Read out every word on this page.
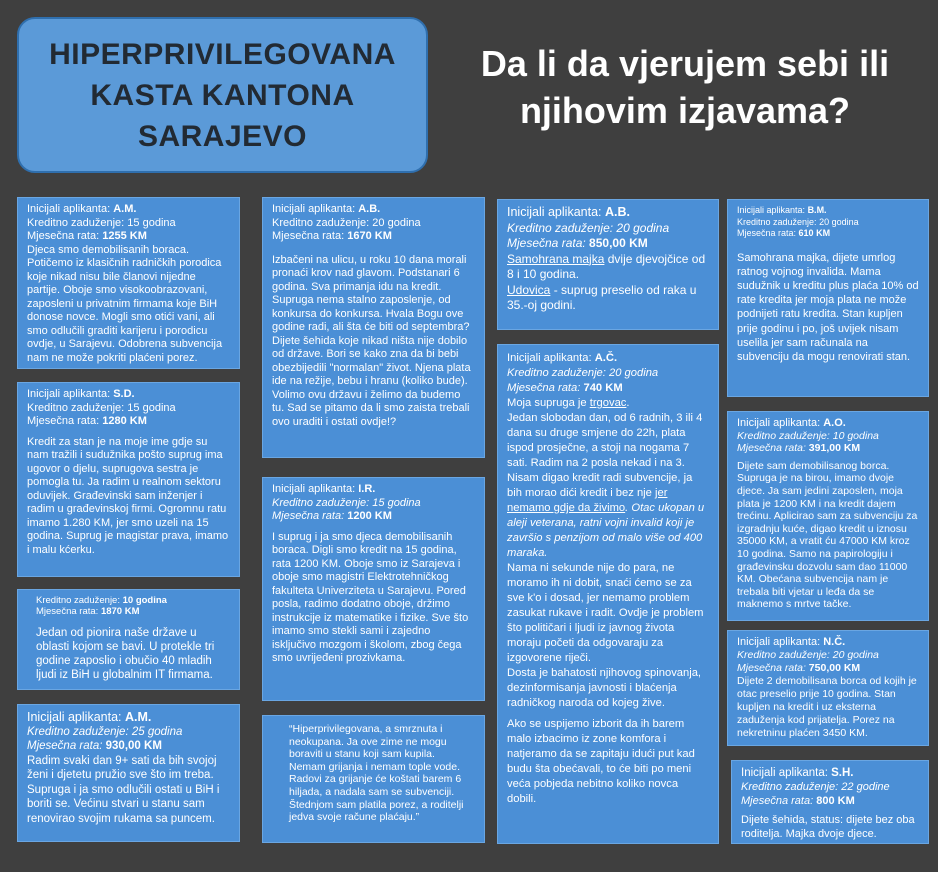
HIPERPRIVILEGOVANA
KASTA KANTONA
SARAJEVO
Da li da vjerujem sebi ili
njihovim izjavama?
Inicijali aplikanta: A.M.
Kreditno zaduženje: 15 godina
Mjesečna rata: 1255 KM
Djeca smo demobilisanih boraca. Potičemo iz klasičnih radničkih porodica koje nikad nisu bile članovi nijedne partije. Oboje smo visokoobrazovani, zaposleni u privatnim firmama koje BiH donose novce. Mogli smo otići vani, ali smo odlučili graditi karijeru i porodicu ovdje, u Sarajevu. Odobrena subvencija nam ne može pokriti plaćeni porez.
Inicijali aplikanta: S.D.
Kreditno zaduženje: 15 godina
Mjesečna rata: 1280 KM
Kredit za stan je na moje ime gdje su nam tražili i sudužnika pošto suprug ima ugovor o djelu, suprugova sestra je pomogla tu. Ja radim u realnom sektoru oduvijek. Građevinski sam inženjer i radim u građevinskoj firmi. Ogromnu ratu imamo 1.280 KM, jer smo uzeli na 15 godina. Suprug je magistar prava, imamo i malu kćerku.
Kreditno zaduženje: 10 godina
Mjesečna rata: 1870 KM
Jedan od pionira naše države u oblasti kojom se bavi. U protekle tri godine zaposlio i obučio 40 mladih ljudi iz BiH u globalnim IT firmama.
Inicijali aplikanta: A.M.
Kreditno zaduženje: 25 godina
Mjesečna rata: 930,00 KM
Radim svaki dan 9+ sati da bih svojoj ženi i djetetu pružio sve što im treba. Supruga i ja smo odlučili ostati u BiH i boriti se. Većinu stvari u stanu sam renovirao svojim rukama sa puncem.
Inicijali aplikanta: A.B.
Kreditno zaduženje: 20 godina
Mjesečna rata: 1670 KM
Izbačeni na ulicu, u roku 10 dana morali pronaći krov nad glavom. Podstanari 6 godina. Sva primanja idu na kredit. Supruga nema stalno zaposlenje, od konkursa do konkursa. Hvala Bogu ove godine radi, ali šta će biti od septembra? Dijete šehida koje nikad ništa nije dobilo od države. Bori se kako zna da bi bebi obezbijedili "normalan" život. Njena plata ide na režije, bebu i hranu (koliko bude). Volimo ovu državu i želimo da budemo tu. Sad se pitamo da li smo zaista trebali ovo uraditi i ostati ovdje!?
Inicijali aplikanta: I.R.
Kreditno zaduženje: 15 godina
Mjesečna rata: 1200 KM
I suprug i ja smo djeca demobilisanih boraca. Digli smo kredit na 15 godina, rata 1200 KM. Oboje smo iz Sarajeva i oboje smo magistri Elektrotehničkog fakulteta Univerziteta u Sarajevu. Pored posla, radimo dodatno oboje, držimo instrukcije iz matematike i fizike. Sve što imamo smo stekli sami i zajedno isključivo mozgom i školom, zbog čega smo uvrijeđeni prozivkama.
“Hiperprivilegovana, a smrznuta i neokupana. Ja ove zime ne mogu boraviti u stanu koji sam kupila. Nemam grijanja i nemam tople vode. Radovi za grijanje će koštati barem 6 hiljada, a nadala sam se subvenciji. Štednjom sam platila porez, a roditelji jedva svoje račune plaćaju.”
Inicijali aplikanta: A.B.
Kreditno zaduženje: 20 godina
Mjesečna rata: 850,00 KM

Samohrana majka dvije djevojčice od 8 i 10 godina.

Udovica - suprug preselio od raka u 35.-oj godini.

Inicijali aplikanta: A.Č.
Kreditno zaduženje: 20 godina
Mjesečna rata: 740 KM

Moja supruga je trgovac.

Jedan slobodan dan, od 6 radnih, 3 ili 4 dana su druge smjene do 22h, plata ispod prosječne, a stoji na nogama 7 sati. Radim na 2 posla nekad i na 3. Nisam digao kredit radi subvencije, ja bih morao dići kredit i bez nje jer nemamo gdje da živimo. Otac ukopan u aleji veterana, ratni vojni invalid koji je završio s penzijom od malo više od 400 maraka.

Nama ni sekunde nije do para, ne moramo ih ni dobit, snaći ćemo se za sve k'o i dosad, jer nemamo problem zasukat rukave i radit. Ovdje je problem što političari i ljudi iz javnog života moraju početi da odgovaraju za izgovorene riječi.

Dosta je bahatosti njihovog spinovanja, dezinformisanja javnosti i blaćenja radničkog naroda od kojeg žive.

Ako se uspijemo izborit da ih barem malo izbacimo iz zone komfora i natjeramo da se zapitaju idući put kad budu šta obećavali, to će biti po meni veća pobjeda nebitno koliko novca dobili.

Inicijali aplikanta: B.M.
Kreditno zaduženje: 20 godina
Mjesečna rata: 610 KM
Samohrana majka, dijete umrlog ratnog vojnog invalida. Mama sudužnik u kreditu plus plaća 10% od rate kredita jer moja plata ne može podnijeti ratu kredita. Stan kupljen prije godinu i po, još uvijek nisam uselila jer sam računala na subvenciju da mogu renovirati stan.
Inicijali aplikanta: A.O.
Kreditno zaduženje: 10 godina
Mjesečna rata: 391,00 KM
Dijete sam demobilisanog borca. Supruga je na birou, imamo dvoje djece. Ja sam jedini zaposlen, moja plata je 1200 KM i na kredit dajem trećinu. Aplicirao sam za subvenciju za izgradnju kuće, digao kredit u iznosu 35000 KM, a vratit ću 47000 KM kroz 10 godina. Samo na papirologiju i građevinsku dozvolu sam dao 11000 KM. Obećana subvencija nam je trebala biti vjetar u leđa da se maknemo s mrtve tačke.
Inicijali aplikanta: N.Č.
Kreditno zaduženje: 20 godina
Mjesečna rata: 750,00 KM
Dijete 2 demobilisana borca od kojih je otac preselio prije 10 godina. Stan kupljen na kredit i uz eksterna zaduženja kod prijatelja. Porez na nekretninu plaćen 3450 KM.
Inicijali aplikanta: S.H.
Kreditno zaduženje: 22 godine
Mjesečna rata: 800 KM
Dijete šehida, status: dijete bez oba roditelja. Majka dvoje djece.
